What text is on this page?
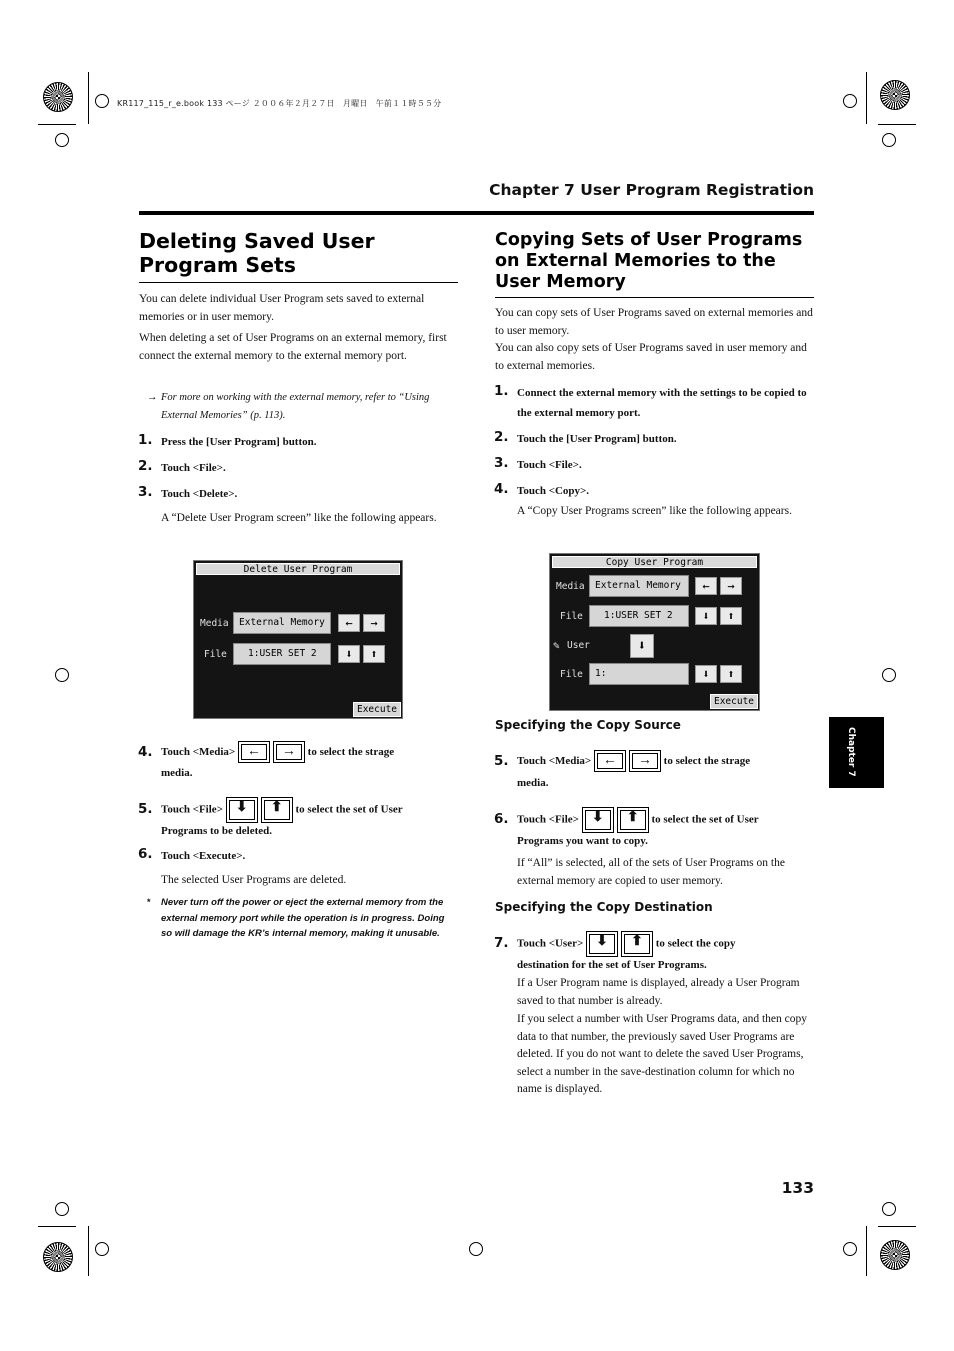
KR117_115_r_e.book 133 ページ ２００６年２月２７日　月曜日　午前１１時５５分
Chapter 7 User Program Registration
Deleting Saved User Program Sets

You can delete individual User Program sets saved to external memories or in user memory.

When deleting a set of User Programs on an external memory, first connect the external memory to the external memory port.

→ For more on working with the external memory, refer to “Using External Memories” (p. 113).

1. Press the [User Program] button.
2. Touch <File>.
3. Touch <Delete>.

A “Delete User Program screen” like the following appears.

Delete User Program
Media	External Memory	←	→
File	1:USER SET 2	⬇	⬆
Execute
4. Touch <Media> ← → to select the strage
media.
5. Touch <File> ⬇ ⬆ to select the set of User
Programs to be deleted.
6. Touch <Execute>.

The selected User Programs are deleted.

* Never turn off the power or eject the external memory from the external memory port while the operation is in progress. Doing so will damage the KR’s internal memory, making it unusable.

Copying Sets of User Programs on External Memories to the User Memory

You can copy sets of User Programs saved on external memories and to user memory.

You can also copy sets of User Programs saved in user memory and to external memories.

1. Connect the external memory with the settings to be copied to the external memory port.
2. Touch the [User Program] button.
3. Touch <File>.
4. Touch <Copy>.

A “Copy User Programs screen” like the following appears.

Copy User Program
Media	External Memory	←	→
File	1:USER SET 2	⬇	⬆
✎ User	⬇
File	1:	⬇	⬆
Execute
Specifying the Copy Source
5. Touch <Media> ← → to select the strage
media.
6. Touch <File> ⬇ ⬆ to select the set of User
Programs you want to copy.

If “All” is selected, all of the sets of User Programs on the external memory are copied to user memory.

Specifying the Copy Destination
7. Touch <User> ⬇ ⬆ to select the copy
destination for the set of User Programs.

If a User Program name is displayed, already a User Program saved to that number is already.

If you select a number with User Programs data, and then copy data to that number, the previously saved User Programs are deleted. If you do not want to delete the saved User Programs, select a number in the save-destination column for which no name is displayed.

Chapter 7
133
